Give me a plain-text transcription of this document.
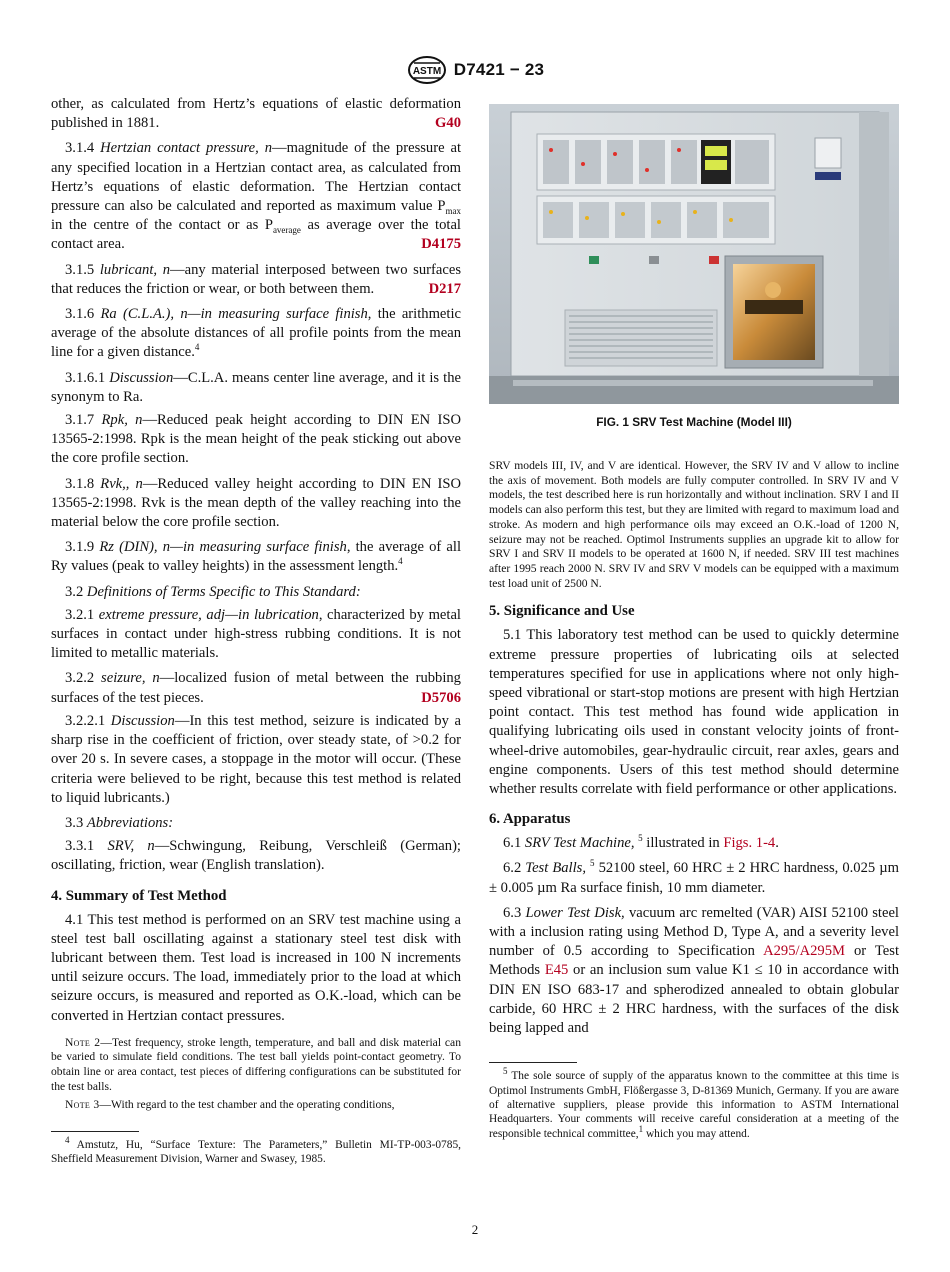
ASTM D7421 − 23

other, as calculated from Hertz’s equations of elastic deformation published in 1881.	G40

3.1.4 Hertzian contact pressure, n—magnitude of the pressure at any specified location in a Hertzian contact area, as calculated from Hertz’s equations of elastic deformation. The Hertzian contact pressure can also be calculated and reported as maximum value $P_{max}$ in the centre of the contact or as $P_{average}$ as average over the total contact area.	D4175

3.1.5 lubricant, n—any material interposed between two surfaces that reduces the friction or wear, or both between them.	D217

3.1.6 Ra (C.L.A.), n—in measuring surface finish, the arithmetic average of the absolute distances of all profile points from the mean line for a given distance.$^4$

3.1.6.1 Discussion—C.L.A. means center line average, and it is the synonym to Ra.

3.1.7 Rpk, n—Reduced peak height according to DIN EN ISO 13565-2:1998. Rpk is the mean height of the peak sticking out above the core profile section.

3.1.8 Rvk,, n—Reduced valley height according to DIN EN ISO 13565-2:1998. Rvk is the mean depth of the valley reaching into the material below the core profile section.

3.1.9 Rz (DIN), n—in measuring surface finish, the average of all Ry values (peak to valley heights) in the assessment length.$^4$

3.2 Definitions of Terms Specific to This Standard:

3.2.1 extreme pressure, adj—in lubrication, characterized by metal surfaces in contact under high-stress rubbing conditions. It is not limited to metallic materials.

3.2.2 seizure, n—localized fusion of metal between the rubbing surfaces of the test pieces.	D5706

3.2.2.1 Discussion—In this test method, seizure is indicated by a sharp rise in the coefficient of friction, over steady state, of >0.2 for over 20 s. In severe cases, a stoppage in the motor will occur. (These criteria were believed to be right, because this test method is related to liquid lubricants.)

3.3 Abbreviations:

3.3.1 SRV, n—Schwingung, Reibung, Verschleiß (German); oscillating, friction, wear (English translation).

4. Summary of Test Method

4.1 This test method is performed on an SRV test machine using a steel test ball oscillating against a stationary steel test disk with lubricant between them. Test load is increased in 100 N increments until seizure occurs. The load, immediately prior to the load at which seizure occurs, is measured and reported as O.K.-load, which can be converted in Hertzian contact pressures.

Note 2—Test frequency, stroke length, temperature, and ball and disk material can be varied to simulate field conditions. The test ball yields point-contact geometry. To obtain line or area contact, test pieces of differing configurations can be substituted for the test balls.

Note 3—With regard to the test chamber and the operating conditions,

$^4$ Amstutz, Hu, “Surface Texture: The Parameters,” Bulletin MI-TP-003-0785, Sheffield Measurement Division, Warner and Swasey, 1985.

FIG. 1 SRV Test Machine (Model III)

SRV models III, IV, and V are identical. However, the SRV IV and V allow to incline the axis of movement. Both models are fully computer controlled. In SRV IV and V models, the test described here is run horizontally and without inclination. SRV I and II models can also perform this test, but they are limited with regard to maximum load and stroke. As modern and high performance oils may exceed an O.K.-load of 1200 N, seizure may not be reached. Optimol Instruments supplies an upgrade kit to allow for SRV I and SRV II models to be operated at 1600 N, if needed. SRV III test machines after 1995 reach 2000 N. SRV IV and SRV V models can be equipped with a maximum test load unit of 2500 N.

5. Significance and Use

5.1 This laboratory test method can be used to quickly determine extreme pressure properties of lubricating oils at selected temperatures specified for use in applications where not only high-speed vibrational or start-stop motions are present with high Hertzian point contact. This test method has found wide application in qualifying lubricating oils used in constant velocity joints of front-wheel-drive automobiles, gear-hydraulic circuit, rear axles, gears and engine components. Users of this test method should determine whether results correlate with field performance or other applications.

6. Apparatus

6.1 SRV Test Machine, $^5$ illustrated in Figs. 1-4.

6.2 Test Balls, $^5$ 52100 steel, 60 HRC ± 2 HRC hardness, 0.025 µm ± 0.005 µm Ra surface finish, 10 mm diameter.

6.3 Lower Test Disk, vacuum arc remelted (VAR) AISI 52100 steel with a inclusion rating using Method D, Type A, and a severity level number of 0.5 according to Specification A295/A295M or Test Methods E45 or an inclusion sum value K1 ≤ 10 in accordance with DIN EN ISO 683-17 and spherodized annealed to obtain globular carbide, 60 HRC ± 2 HRC hardness, with the surfaces of the disk being lapped and

$^5$ The sole source of supply of the apparatus known to the committee at this time is Optimol Instruments GmbH, Flößergasse 3, D-81369 Munich, Germany. If you are aware of alternative suppliers, please provide this information to ASTM International Headquarters. Your comments will receive careful consideration at a meeting of the responsible technical committee,$^1$ which you may attend.

2
